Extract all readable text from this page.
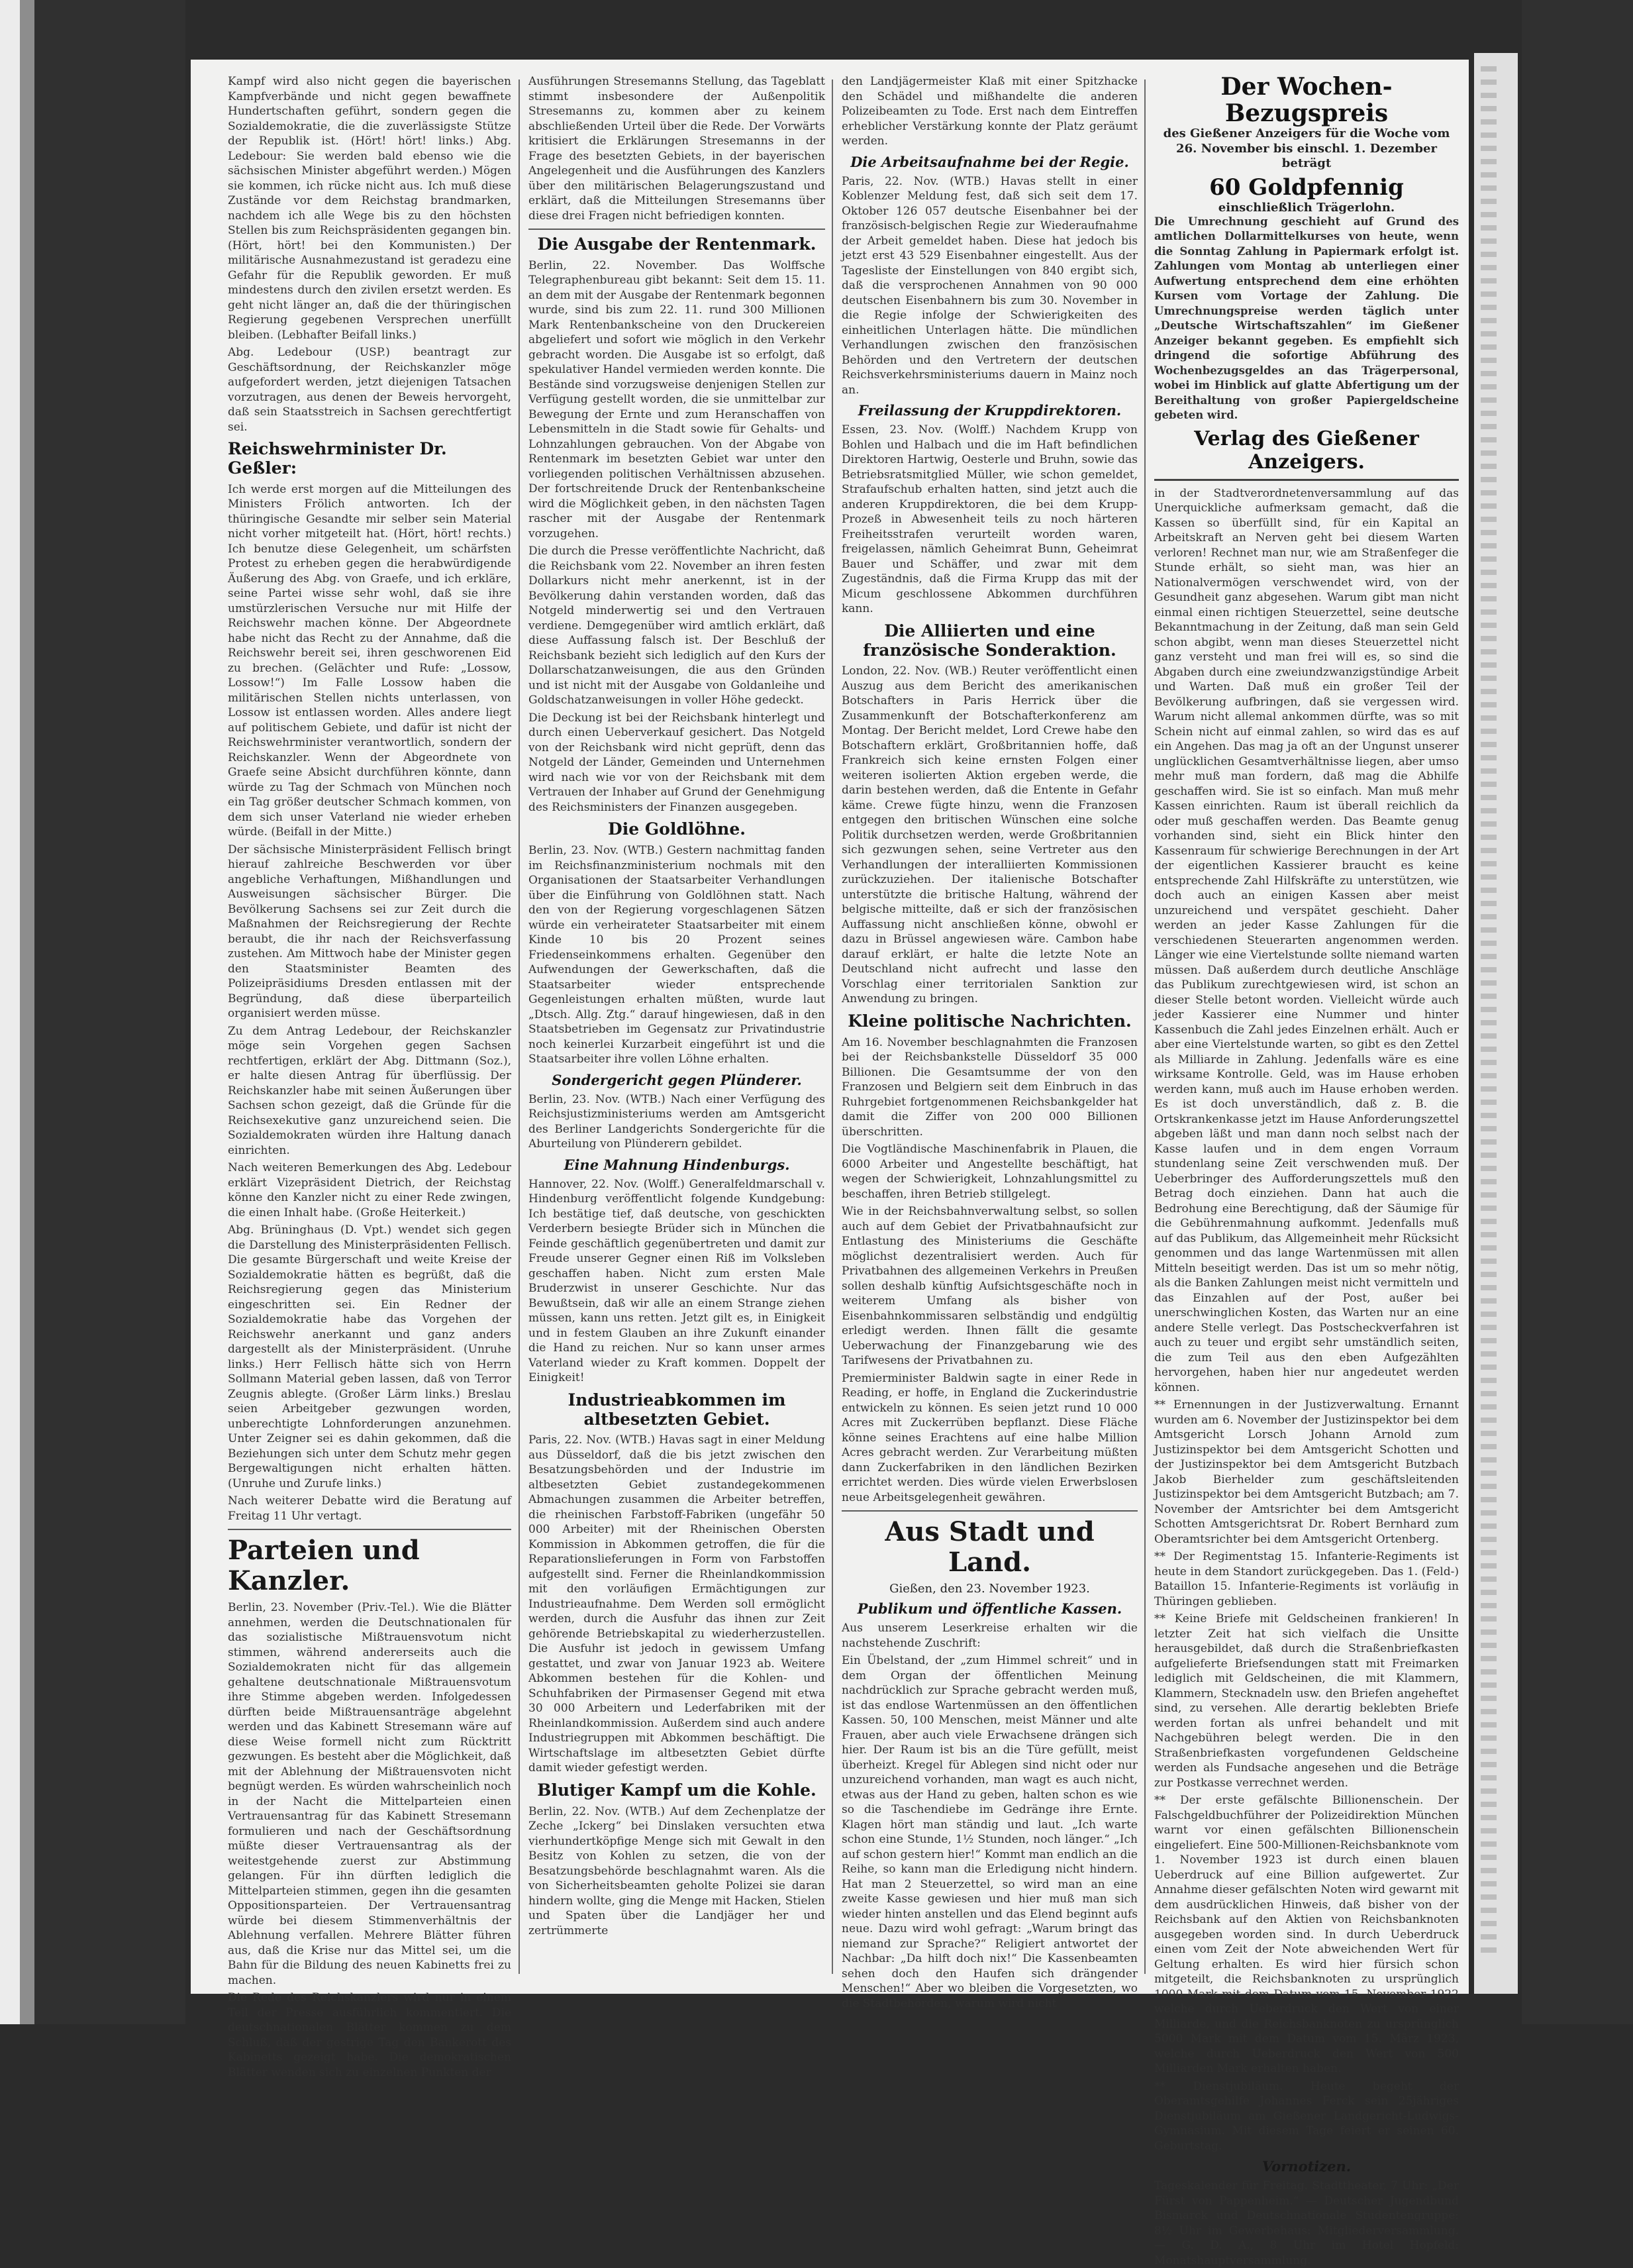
Kampf wird also nicht gegen die bayerischen Kampfverbände und nicht gegen bewaffnete Hundertschaften geführt, sondern gegen die Sozialdemokratie, die die zuverlässigste Stütze der Republik ist. (Hört! hört! links.) Abg. Ledebour: Sie werden bald ebenso wie die sächsischen Minister abgeführt werden.) Mögen sie kommen, ich rücke nicht aus. Ich muß diese Zustände vor dem Reichstag brandmarken, nachdem ich alle Wege bis zu den höchsten Stellen bis zum Reichspräsidenten gegangen bin. (Hört, hört! bei den Kommunisten.) Der militärische Ausnahmezustand ist geradezu eine Gefahr für die Republik geworden. Er muß mindestens durch den zivilen ersetzt werden. Es geht nicht länger an, daß die der thüringischen Regierung gegebenen Versprechen unerfüllt bleiben. (Lebhafter Beifall links.)

Abg. Ledebour (USP.) beantragt zur Geschäftsordnung, der Reichskanzler möge aufgefordert werden, jetzt diejenigen Tatsachen vorzutragen, aus denen der Beweis hervorgeht, daß sein Staatsstreich in Sachsen gerechtfertigt sei.

Reichswehrminister Dr. Geßler:

Ich werde erst morgen auf die Mitteilungen des Ministers Frölich antworten. Ich der thüringische Gesandte mir selber sein Material nicht vorher mitgeteilt hat. (Hört, hört! rechts.) Ich benutze diese Gelegenheit, um schärfsten Protest zu erheben gegen die herabwürdigende Äußerung des Abg. von Graefe, und ich erkläre, seine Partei wisse sehr wohl, daß sie ihre umstürzlerischen Versuche nur mit Hilfe der Reichswehr machen könne. Der Abgeordnete habe nicht das Recht zu der Annahme, daß die Reichswehr bereit sei, ihren geschworenen Eid zu brechen. (Gelächter und Rufe: „Lossow, Lossow!“) Im Falle Lossow haben die militärischen Stellen nichts unterlassen, von Lossow ist entlassen worden. Alles andere liegt auf politischem Gebiete, und dafür ist nicht der Reichswehrminister verantwortlich, sondern der Reichskanzler. Wenn der Abgeordnete von Graefe seine Absicht durchführen könnte, dann würde zu Tag der Schmach von München noch ein Tag größer deutscher Schmach kommen, von dem sich unser Vaterland nie wieder erheben würde. (Beifall in der Mitte.)

Der sächsische Ministerpräsident Fellisch bringt hierauf zahlreiche Beschwerden vor über angebliche Verhaftungen, Mißhandlungen und Ausweisungen sächsischer Bürger. Die Bevölkerung Sachsens sei zur Zeit durch die Maßnahmen der Reichsregierung der Rechte beraubt, die ihr nach der Reichsverfassung zustehen. Am Mittwoch habe der Minister gegen den Staatsminister Beamten des Polizeipräsidiums Dresden entlassen mit der Begründung, daß diese überparteilich organisiert werden müsse.

Zu dem Antrag Ledebour, der Reichskanzler möge sein Vorgehen gegen Sachsen rechtfertigen, erklärt der Abg. Dittmann (Soz.), er halte diesen Antrag für überflüssig. Der Reichskanzler habe mit seinen Äußerungen über Sachsen schon gezeigt, daß die Gründe für die Reichsexekutive ganz unzureichend seien. Die Sozialdemokraten würden ihre Haltung danach einrichten.

Nach weiteren Bemerkungen des Abg. Ledebour erklärt Vizepräsident Dietrich, der Reichstag könne den Kanzler nicht zu einer Rede zwingen, die einen Inhalt habe. (Große Heiterkeit.)

Abg. Brüninghaus (D. Vpt.) wendet sich gegen die Darstellung des Ministerpräsidenten Fellisch. Die gesamte Bürgerschaft und weite Kreise der Sozialdemokratie hätten es begrüßt, daß die Reichsregierung gegen das Ministerium eingeschritten sei. Ein Redner der Sozialdemokratie habe das Vorgehen der Reichswehr anerkannt und ganz anders dargestellt als der Ministerpräsident. (Unruhe links.) Herr Fellisch hätte sich von Herrn Sollmann Material geben lassen, daß von Terror Zeugnis ablegte. (Großer Lärm links.) Breslau seien Arbeitgeber gezwungen worden, unberechtigte Lohnforderungen anzunehmen. Unter Zeigner sei es dahin gekommen, daß die Beziehungen sich unter dem Schutz mehr gegen Bergewaltigungen nicht erhalten hätten. (Unruhe und Zurufe links.)

Nach weiterer Debatte wird die Beratung auf Freitag 11 Uhr vertagt.

Parteien und Kanzler.

Berlin, 23. November (Priv.-Tel.). Wie die Blätter annehmen, werden die Deutschnationalen für das sozialistische Mißtrauensvotum nicht stimmen, während andererseits auch die Sozialdemokraten nicht für das allgemein gehaltene deutschnationale Mißtrauensvotum ihre Stimme abgeben werden. Infolgedessen dürften beide Mißtrauensanträge abgelehnt werden und das Kabinett Stresemann wäre auf diese Weise formell nicht zum Rücktritt gezwungen. Es besteht aber die Möglichkeit, daß mit der Ablehnung der Mißtrauensvoten nicht begnügt werden. Es würden wahrscheinlich noch in der Nacht die Mittelparteien einen Vertrauensantrag für das Kabinett Stresemann formulieren und nach der Geschäftsordnung müßte dieser Vertrauensantrag als der weitestgehende zuerst zur Abstimmung gelangen. Für ihn dürften lediglich die Mittelparteien stimmen, gegen ihn die gesamten Oppositionsparteien. Der Vertrauensantrag würde bei diesem Stimmenverhältnis der Ablehnung verfallen. Mehrere Blätter führen aus, daß die Krise nur das Mittel sei, um die Bahn für die Bildung des neuen Kabinetts frei zu machen.

Die Rede des Reichskanzlers wird nur in einem Teil der Presse ausführlich kommentiert. Die deutschnationalen Blätter kommen zu dem Schluß, daß der gestrige Tag den Bankerott des Kabinetts gezeigt habe. Die demokratischen Blätter wenden sich zu einzelnen Punkten der

Ausführungen Stresemanns Stellung, das Tageblatt stimmt insbesondere der Außenpolitik Stresemanns zu, kommen aber zu keinem abschließenden Urteil über die Rede. Der Vorwärts kritisiert die Erklärungen Stresemanns in der Frage des besetzten Gebiets, in der bayerischen Angelegenheit und die Ausführungen des Kanzlers über den militärischen Belagerungszustand und erklärt, daß die Mitteilungen Stresemanns über diese drei Fragen nicht befriedigen konnten.

Die Ausgabe der Rentenmark.

Berlin, 22. November. Das Wolffsche Telegraphenbureau gibt bekannt: Seit dem 15. 11. an dem mit der Ausgabe der Rentenmark begonnen wurde, sind bis zum 22. 11. rund 300 Millionen Mark Rentenbankscheine von den Druckereien abgeliefert und sofort wie möglich in den Verkehr gebracht worden. Die Ausgabe ist so erfolgt, daß spekulativer Handel vermieden werden konnte. Die Bestände sind vorzugsweise denjenigen Stellen zur Verfügung gestellt worden, die sie unmittelbar zur Bewegung der Ernte und zum Heranschaffen von Lebensmitteln in die Stadt sowie für Gehalts- und Lohnzahlungen gebrauchen. Von der Abgabe von Rentenmark im besetzten Gebiet war unter den vorliegenden politischen Verhältnissen abzusehen. Der fortschreitende Druck der Rentenbankscheine wird die Möglichkeit geben, in den nächsten Tagen rascher mit der Ausgabe der Rentenmark vorzugehen.

Die durch die Presse veröffentlichte Nachricht, daß die Reichsbank vom 22. November an ihren festen Dollarkurs nicht mehr anerkennt, ist in der Bevölkerung dahin verstanden worden, daß das Notgeld minderwertig sei und den Vertrauen verdiene. Demgegenüber wird amtlich erklärt, daß diese Auffassung falsch ist. Der Beschluß der Reichsbank bezieht sich lediglich auf den Kurs der Dollarschatzanweisungen, die aus den Gründen und ist nicht mit der Ausgabe von Goldanleihe und Goldschatzanweisungen in voller Höhe gedeckt.

Die Deckung ist bei der Reichsbank hinterlegt und durch einen Ueberverkauf gesichert. Das Notgeld von der Reichsbank wird nicht geprüft, denn das Notgeld der Länder, Gemeinden und Unternehmen wird nach wie vor von der Reichsbank mit dem Vertrauen der Inhaber auf Grund der Genehmigung des Reichsministers der Finanzen ausgegeben.

Die Goldlöhne.

Berlin, 23. Nov. (WTB.) Gestern nachmittag fanden im Reichsfinanzministerium nochmals mit den Organisationen der Staatsarbeiter Verhandlungen über die Einführung von Goldlöhnen statt. Nach den von der Regierung vorgeschlagenen Sätzen würde ein verheirateter Staatsarbeiter mit einem Kinde 10 bis 20 Prozent seines Friedenseinkommens erhalten. Gegenüber den Aufwendungen der Gewerkschaften, daß die Staatsarbeiter wieder entsprechende Gegenleistungen erhalten müßten, wurde laut „Dtsch. Allg. Ztg.“ darauf hingewiesen, daß in den Staatsbetrieben im Gegensatz zur Privatindustrie noch keinerlei Kurzarbeit eingeführt ist und die Staatsarbeiter ihre vollen Löhne erhalten.

Sondergericht gegen Plünderer.

Berlin, 23. Nov. (WTB.) Nach einer Verfügung des Reichsjustizministeriums werden am Amtsgericht des Berliner Landgerichts Sondergerichte für die Aburteilung von Plünderern gebildet.

Eine Mahnung Hindenburgs.

Hannover, 22. Nov. (Wolff.) Generalfeldmarschall v. Hindenburg veröffentlicht folgende Kundgebung: Ich bestätige tief, daß deutsche, von geschickten Verderbern besiegte Brüder sich in München die Feinde geschäftlich gegenübertreten und damit zur Freude unserer Gegner einen Riß im Volksleben geschaffen haben. Nicht zum ersten Male Bruderzwist in unserer Geschichte. Nur das Bewußtsein, daß wir alle an einem Strange ziehen müssen, kann uns retten. Jetzt gilt es, in Einigkeit und in festem Glauben an ihre Zukunft einander die Hand zu reichen. Nur so kann unser armes Vaterland wieder zu Kraft kommen. Doppelt der Einigkeit!

Industrieabkommen im altbesetzten Gebiet.

Paris, 22. Nov. (WTB.) Havas sagt in einer Meldung aus Düsseldorf, daß die bis jetzt zwischen den Besatzungsbehörden und der Industrie im altbesetzten Gebiet zustandegekommenen Abmachungen zusammen die Arbeiter betreffen, die rheinischen Farbstoff-Fabriken (ungefähr 50 000 Arbeiter) mit der Rheinischen Obersten Kommission in Abkommen getroffen, die für die Reparationslieferungen in Form von Farbstoffen aufgestellt sind. Ferner die Rheinlandkommission mit den vorläufigen Ermächtigungen zur Industrieaufnahme. Dem Werden soll ermöglicht werden, durch die Ausfuhr das ihnen zur Zeit gehörende Betriebskapital zu wiederherzustellen. Die Ausfuhr ist jedoch in gewissem Umfang gestattet, und zwar von Januar 1923 ab. Weitere Abkommen bestehen für die Kohlen- und Schuhfabriken der Pirmasenser Gegend mit etwa 30 000 Arbeitern und Lederfabriken mit der Rheinlandkommission. Außerdem sind auch andere Industriegruppen mit Abkommen beschäftigt. Die Wirtschaftslage im altbesetzten Gebiet dürfte damit wieder gefestigt werden.

Blutiger Kampf um die Kohle.

Berlin, 22. Nov. (WTB.) Auf dem Zechenplatze der Zeche „Ickerg“ bei Dinslaken versuchten etwa vierhundertköpfige Menge sich mit Gewalt in den Besitz von Kohlen zu setzen, die von der Besatzungsbehörde beschlagnahmt waren. Als die von Sicherheitsbeamten geholte Polizei sie daran hindern wollte, ging die Menge mit Hacken, Stielen und Spaten über die Landjäger her und zertrümmerte

den Landjägermeister Klaß mit einer Spitzhacke den Schädel und mißhandelte die anderen Polizeibeamten zu Tode. Erst nach dem Eintreffen erheblicher Verstärkung konnte der Platz geräumt werden.

Die Arbeitsaufnahme bei der Regie.

Paris, 22. Nov. (WTB.) Havas stellt in einer Koblenzer Meldung fest, daß sich seit dem 17. Oktober 126 057 deutsche Eisenbahner bei der französisch-belgischen Regie zur Wiederaufnahme der Arbeit gemeldet haben. Diese hat jedoch bis jetzt erst 43 529 Eisenbahner eingestellt. Aus der Tagesliste der Einstellungen von 840 ergibt sich, daß die versprochenen Annahmen von 90 000 deutschen Eisenbahnern bis zum 30. November in die Regie infolge der Schwierigkeiten des einheitlichen Unterlagen hätte. Die mündlichen Verhandlungen zwischen den französischen Behörden und den Vertretern der deutschen Reichsverkehrsministeriums dauern in Mainz noch an.

Freilassung der Kruppdirektoren.

Essen, 23. Nov. (Wolff.) Nachdem Krupp von Bohlen und Halbach und die im Haft befindlichen Direktoren Hartwig, Oesterle und Bruhn, sowie das Betriebsratsmitglied Müller, wie schon gemeldet, Strafaufschub erhalten hatten, sind jetzt auch die anderen Kruppdirektoren, die bei dem Krupp-Prozeß in Abwesenheit teils zu noch härteren Freiheitsstrafen verurteilt worden waren, freigelassen, nämlich Geheimrat Bunn, Geheimrat Bauer und Schäffer, und zwar mit dem Zugeständnis, daß die Firma Krupp das mit der Micum geschlossene Abkommen durchführen kann.

Die Alliierten und eine französische Sonderaktion.

London, 22. Nov. (WB.) Reuter veröffentlicht einen Auszug aus dem Bericht des amerikanischen Botschafters in Paris Herrick über die Zusammenkunft der Botschafterkonferenz am Montag. Der Bericht meldet, Lord Crewe habe den Botschaftern erklärt, Großbritannien hoffe, daß Frankreich sich keine ernsten Folgen einer weiteren isolierten Aktion ergeben werde, die darin bestehen werden, daß die Entente in Gefahr käme. Crewe fügte hinzu, wenn die Franzosen entgegen den britischen Wünschen eine solche Politik durchsetzen werden, werde Großbritannien sich gezwungen sehen, seine Vertreter aus den Verhandlungen der interalliierten Kommissionen zurückzuziehen. Der italienische Botschafter unterstützte die britische Haltung, während der belgische mitteilte, daß er sich der französischen Auffassung nicht anschließen könne, obwohl er dazu in Brüssel angewiesen wäre. Cambon habe darauf erklärt, er halte die letzte Note an Deutschland nicht aufrecht und lasse den Vorschlag einer territorialen Sanktion zur Anwendung zu bringen.

Kleine politische Nachrichten.

Am 16. November beschlagnahmten die Franzosen bei der Reichsbankstelle Düsseldorf 35 000 Billionen. Die Gesamtsumme der von den Franzosen und Belgiern seit dem Einbruch in das Ruhrgebiet fortgenommenen Reichsbankgelder hat damit die Ziffer von 200 000 Billionen überschritten.

Die Vogtländische Maschinenfabrik in Plauen, die 6000 Arbeiter und Angestellte beschäftigt, hat wegen der Schwierigkeit, Lohnzahlungsmittel zu beschaffen, ihren Betrieb stillgelegt.

Wie in der Reichsbahnverwaltung selbst, so sollen auch auf dem Gebiet der Privatbahnaufsicht zur Entlastung des Ministeriums die Geschäfte möglichst dezentralisiert werden. Auch für Privatbahnen des allgemeinen Verkehrs in Preußen sollen deshalb künftig Aufsichtsgeschäfte noch in weiterem Umfang als bisher von Eisenbahnkommissaren selbständig und endgültig erledigt werden. Ihnen fällt die gesamte Ueberwachung der Finanzgebarung wie des Tarifwesens der Privatbahnen zu.

Premierminister Baldwin sagte in einer Rede in Reading, er hoffe, in England die Zuckerindustrie entwickeln zu können. Es seien jetzt rund 10 000 Acres mit Zuckerrüben bepflanzt. Diese Fläche könne seines Erachtens auf eine halbe Million Acres gebracht werden. Zur Verarbeitung müßten dann Zuckerfabriken in den ländlichen Bezirken errichtet werden. Dies würde vielen Erwerbslosen neue Arbeitsgelegenheit gewähren.

Aus Stadt und Land.
Gießen, den 23. November 1923.
Publikum und öffentliche Kassen.

Aus unserem Leserkreise erhalten wir die nachstehende Zuschrift:

Ein Übelstand, der „zum Himmel schreit“ und in dem Organ der öffentlichen Meinung nachdrücklich zur Sprache gebracht werden muß, ist das endlose Wartenmüssen an den öffentlichen Kassen. 50, 100 Menschen, meist Männer und alte Frauen, aber auch viele Erwachsene drängen sich hier. Der Raum ist bis an die Türe gefüllt, meist überheizt. Kregel für Ablegen sind nicht oder nur unzureichend vorhanden, man wagt es auch nicht, etwas aus der Hand zu geben, halten schon es wie so die Taschendiebe im Gedränge ihre Ernte. Klagen hört man ständig und laut. „Ich warte schon eine Stunde, 1½ Stunden, noch länger.“ „Ich auf schon gestern hier!“ Kommt man endlich an die Reihe, so kann man die Erledigung nicht hindern. Hat man 2 Steuerzettel, so wird man an eine zweite Kasse gewiesen und hier muß man sich wieder hinten anstellen und das Elend beginnt aufs neue. Dazu wird wohl gefragt: „Warum bringt das niemand zur Sprache?“ Religiert antwortet der Nachbar: „Da hilft doch nix!“ Die Kassenbeamten sehen doch den Haufen sich drängender Menschen!“ Aber wo bleiben die Vorgesetzten, wo die Stadtbehörden, warum wird nicht

Der Wochen-Bezugspreis
des Gießener Anzeigers für die Woche vom 26. November bis einschl. 1. Dezember beträgt
60 Goldpfennig
einschließlich Trägerlohn.

Die Umrechnung geschieht auf Grund des amtlichen Dollarmittelkurses von heute, wenn die Sonntag Zahlung in Papiermark erfolgt ist. Zahlungen vom Montag ab unterliegen einer Aufwertung entsprechend dem eine erhöhten Kursen vom Vortage der Zahlung. Die Umrechnungspreise werden täglich unter „Deutsche Wirtschaftszahlen“ im Gießener Anzeiger bekannt gegeben. Es empfiehlt sich dringend die sofortige Abführung des Wochenbezugsgeldes an das Trägerpersonal, wobei im Hinblick auf glatte Abfertigung um der Bereithaltung von großer Papiergeldscheine gebeten wird.

Verlag des Gießener Anzeigers.

in der Stadtverordnetenversammlung auf das Unerquickliche aufmerksam gemacht, daß die Kassen so überfüllt sind, für ein Kapital an Arbeitskraft an Nerven geht bei diesem Warten verloren! Rechnet man nur, wie am Straßenfeger die Stunde erhält, so sieht man, was hier an Nationalvermögen verschwendet wird, von der Gesundheit ganz abgesehen. Warum gibt man nicht einmal einen richtigen Steuerzettel, seine deutsche Bekanntmachung in der Zeitung, daß man sein Geld schon abgibt, wenn man dieses Steuerzettel nicht ganz versteht und man frei will es, so sind die Abgaben durch eine zweiundzwanzigstündige Arbeit und Warten. Daß muß ein großer Teil der Bevölkerung aufbringen, daß sie vergessen wird. Warum nicht allemal ankommen dürfte, was so mit Schein nicht auf einmal zahlen, so wird das es auf ein Angehen. Das mag ja oft an der Ungunst unserer unglücklichen Gesamtverhältnisse liegen, aber umso mehr muß man fordern, daß mag die Abhilfe geschaffen wird. Sie ist so einfach. Man muß mehr Kassen einrichten. Raum ist überall reichlich da oder muß geschaffen werden. Das Beamte genug vorhanden sind, sieht ein Blick hinter den Kassenraum für schwierige Berechnungen in der Art der eigentlichen Kassierer braucht es keine entsprechende Zahl Hilfskräfte zu unterstützen, wie doch auch an einigen Kassen aber meist unzureichend und verspätet geschieht. Daher werden an jeder Kasse Zahlungen für die verschiedenen Steuerarten angenommen werden. Länger wie eine Viertelstunde sollte niemand warten müssen. Daß außerdem durch deutliche Anschläge das Publikum zurechtgewiesen wird, ist schon an dieser Stelle betont worden. Vielleicht würde auch jeder Kassierer eine Nummer und hinter Kassenbuch die Zahl jedes Einzelnen erhält. Auch er aber eine Viertelstunde warten, so gibt es den Zettel als Milliarde in Zahlung. Jedenfalls wäre es eine wirksame Kontrolle. Geld, was im Hause erhoben werden kann, muß auch im Hause erhoben werden. Es ist doch unverständlich, daß z. B. die Ortskrankenkasse jetzt im Hause Anforderungszettel abgeben läßt und man dann noch selbst nach der Kasse laufen und in dem engen Vorraum stundenlang seine Zeit verschwenden muß. Der Ueberbringer des Aufforderungszettels muß den Betrag doch einziehen. Dann hat auch die Bedrohung eine Berechtigung, daß der Säumige für die Gebührenmahnung aufkommt. Jedenfalls muß auf das Publikum, das Allgemeinheit mehr Rücksicht genommen und das lange Wartenmüssen mit allen Mitteln beseitigt werden. Das ist um so mehr nötig, als die Banken Zahlungen meist nicht vermitteln und das Einzahlen auf der Post, außer bei unerschwinglichen Kosten, das Warten nur an eine andere Stelle verlegt. Das Postscheckverfahren ist auch zu teuer und ergibt sehr umständlich seiten, die zum Teil aus den eben Aufgezählten hervorgehen, haben hier nur angedeutet werden können.

** Ernennungen in der Justizverwaltung. Ernannt wurden am 6. November der Justizinspektor bei dem Amtsgericht Lorsch Johann Arnold zum Justizinspektor bei dem Amtsgericht Schotten und der Justizinspektor bei dem Amtsgericht Butzbach Jakob Bierhelder zum geschäftsleitenden Justizinspektor bei dem Amtsgericht Butzbach; am 7. November der Amtsrichter bei dem Amtsgericht Schotten Amtsgerichtsrat Dr. Robert Bernhard zum Oberamtsrichter bei dem Amtsgericht Ortenberg.

** Der Regimentstag 15. Infanterie-Regiments ist heute in dem Standort zurückgegeben. Das 1. (Feld-) Bataillon 15. Infanterie-Regiments ist vorläufig in Thüringen geblieben.

** Keine Briefe mit Geldscheinen frankieren! In letzter Zeit hat sich vielfach die Unsitte herausgebildet, daß durch die Straßenbriefkasten aufgelieferte Briefsendungen statt mit Freimarken lediglich mit Geldscheinen, die mit Klammern, Klammern, Stecknadeln usw. den Briefen angeheftet sind, zu versehen. Alle derartig beklebten Briefe werden fortan als unfrei behandelt und mit Nachgebühren belegt werden. Die in den Straßenbriefkasten vorgefundenen Geldscheine werden als Fundsache angesehen und die Beträge zur Postkasse verrechnet werden.

** Der erste gefälschte Billionenschein. Der Falschgeldbuchführer der Polizeidirektion München warnt vor einen gefälschten Billionenschein eingeliefert. Eine 500-Millionen-Reichsbanknote vom 1. November 1923 ist durch einen blauen Ueberdruck auf eine Billion aufgewertet. Zur Annahme dieser gefälschten Noten wird gewarnt mit dem ausdrücklichen Hinweis, daß bisher von der Reichsbank auf den Aktien von Reichsbanknoten ausgegeben worden sind. In durch Ueberdruck einen vom Zeit der Note abweichenden Wert für Geltung erhalten. Es wird hier fürsich schon mitgeteilt, die Reichsbanknoten zu ursprünglich 1000 Mark mit dem Datum vom 15. November 1922 welche durch Ueberdruck den Wert von einer Milliarde, und die Reichsbanknoten zu ursprünglich 5000 Mark mit dem Datum vom 15. März 1923, welche durch Ueberdruck den Wert von 500 Milliarden Mark erhalten haben.

** Dienstjubiläum. Heute begeht der Oberamtsgehilfe Johannes Ferck sein 25jähriges Dienstjubiläum am Gießener Landgericht-Ludwigs-Gymnasium. Mit diesem Tage feiert er seinen 60. Geburtstag.

Vornotizen.

Tageskalender für Freitag. Stadttheater, 7 Uhr: „Der Fürst von Pappenheim.“ — Deutscher Jugendbund Bismarck und Deutschnationale Studentengruppe: 8½ Uhr im Gewerbehaus: Mitgliederversammlung. — G. D. A., 8 Uhr im Hotel Hopfeld: Monatshauptversammlung.
